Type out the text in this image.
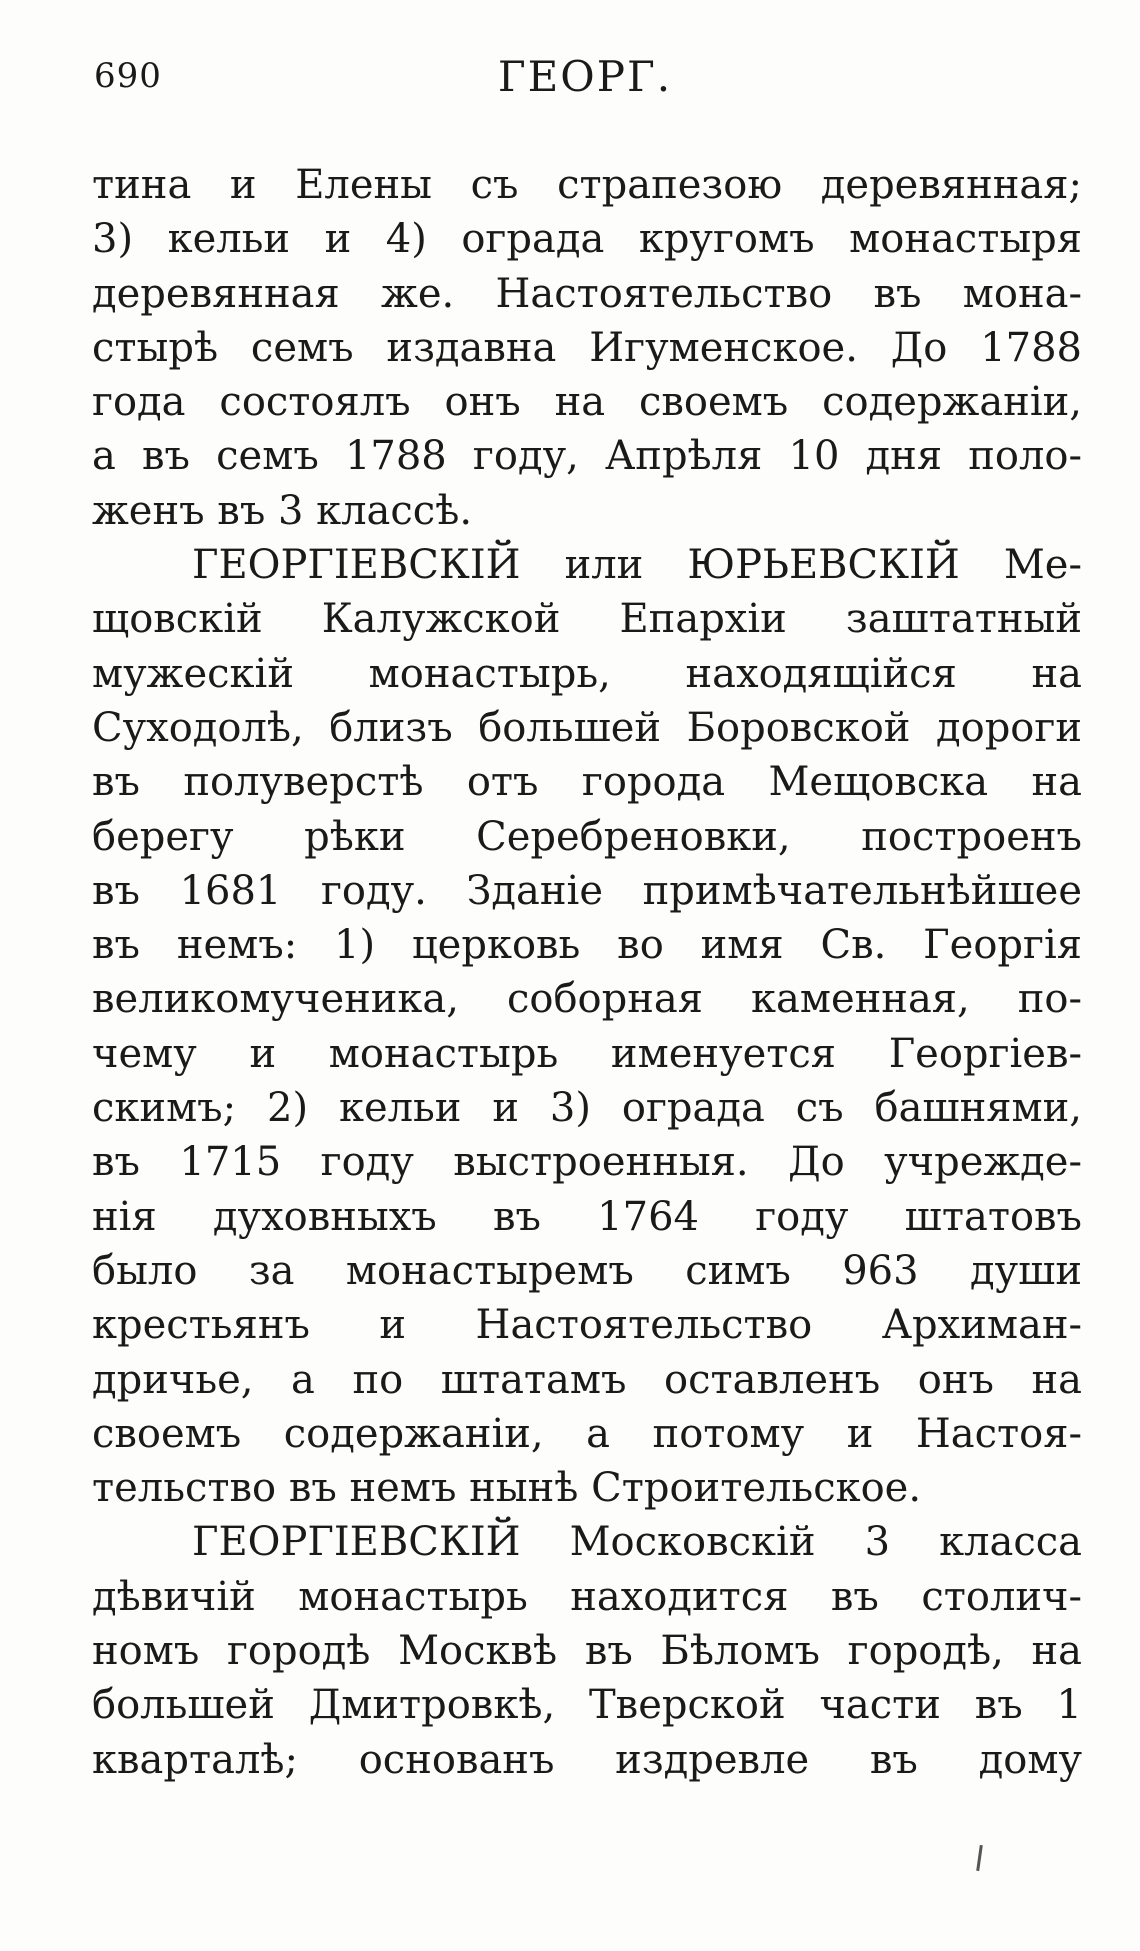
690	ГЕОРГ.
тина и Елены съ страпезою деревянная;
3) кельи и 4) ограда кругомъ монастыря
деревянная же. Настоятельство въ мона-
стырѣ семъ издавна Игуменское. До 1788
года состоялъ онъ на своемъ содержанiи,
а въ семъ 1788 году, Апрѣля 10 дня поло-
женъ въ 3 классѣ.
ГЕОРГIЕВСКIЙ или ЮРЬЕВСКIЙ Ме-
щовскiй Калужской Епархiи заштатный
мужескiй монастырь, находящiйся на
Суходолѣ, близъ большей Боровской дороги
въ полуверстѣ отъ города Мещовска на
берегу рѣки Серебреновки, построенъ
въ 1681 году. Зданiе примѣчательнѣйшее
въ немъ: 1) церковь во имя Св. Георгiя
великомученика, соборная каменная, по-
чему и монастырь именуется Георгiев-
скимъ; 2) кельи и 3) ограда съ башнями,
въ 1715 году выстроенныя. До учрежде-
нiя духовныхъ въ 1764 году штатовъ
было за монастыремъ симъ 963 души
крестьянъ и Настоятельство Архиман-
дричье, а по штатамъ оставленъ онъ на
своемъ содержанiи, а потому и Настоя-
тельство въ немъ нынѣ Строительское.
ГЕОРГIЕВСКIЙ Московскiй 3 класса
дѣвичiй монастырь находится въ столич-
номъ городѣ Москвѣ въ Бѣломъ городѣ, на
большей Дмитровкѣ, Тверской части въ 1
кварталѣ; основанъ издревле въ дому
